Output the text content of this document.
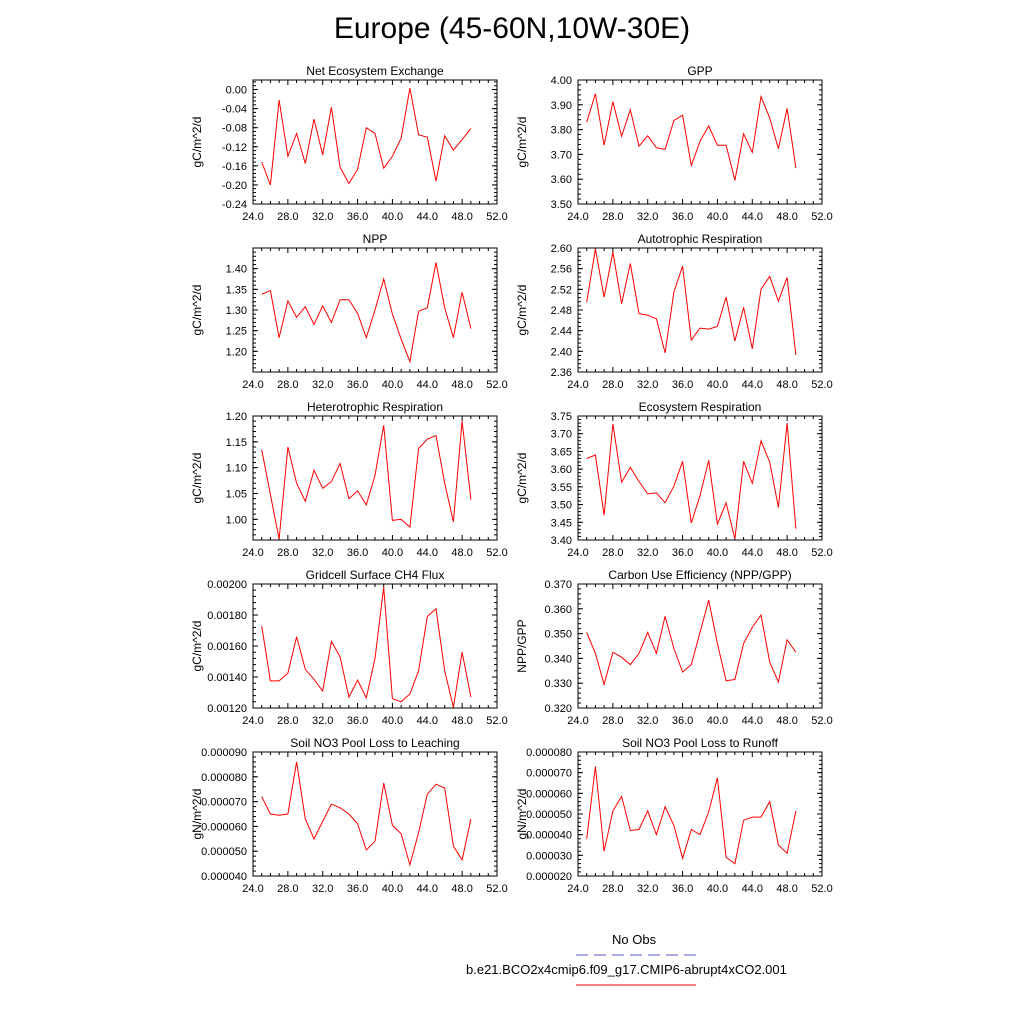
Europe (45-60N,10W-30E)
Net Ecosystem Exchange
gC/m^2/d
24.0 28.0 32.0 36.0 40.0 44.0 48.0 52.0
-0.24
-0.20
-0.16
-0.12
-0.08
-0.04
0.00
GPP
gC/m^2/d
24.0 28.0 32.0 36.0 40.0 44.0 48.0 52.0
3.50
3.60
3.70
3.80
3.90
4.00
NPP
gC/m^2/d
24.0 28.0 32.0 36.0 40.0 44.0 48.0 52.0
1.20
1.25
1.30
1.35
1.40
Autotrophic Respiration
gC/m^2/d
24.0 28.0 32.0 36.0 40.0 44.0 48.0 52.0
2.36
2.40
2.44
2.48
2.52
2.56
2.60
Heterotrophic Respiration
gC/m^2/d
24.0 28.0 32.0 36.0 40.0 44.0 48.0 52.0
1.00
1.05
1.10
1.15
1.20
Ecosystem Respiration
gC/m^2/d
24.0 28.0 32.0 36.0 40.0 44.0 48.0 52.0
3.40
3.45
3.50
3.55
3.60
3.65
3.70
3.75
Gridcell Surface CH4 Flux
gC/m^2/d
24.0 28.0 32.0 36.0 40.0 44.0 48.0 52.0
0.00120
0.00140
0.00160
0.00180
0.00200
Carbon Use Efficiency (NPP/GPP)
NPP/GPP
24.0 28.0 32.0 36.0 40.0 44.0 48.0 52.0
0.320
0.330
0.340
0.350
0.360
0.370
Soil NO3 Pool Loss to Leaching
gN/m^2/d
24.0 28.0 32.0 36.0 40.0 44.0 48.0 52.0
0.000040
0.000050
0.000060
0.000070
0.000080
0.000090
Soil NO3 Pool Loss to Runoff
gN/m^2/d
24.0 28.0 32.0 36.0 40.0 44.0 48.0 52.0
0.000020
0.000030
0.000040
0.000050
0.000060
0.000070
0.000080
No Obs
b.e21.BCO2x4cmip6.f09_g17.CMIP6-abrupt4xCO2.001
